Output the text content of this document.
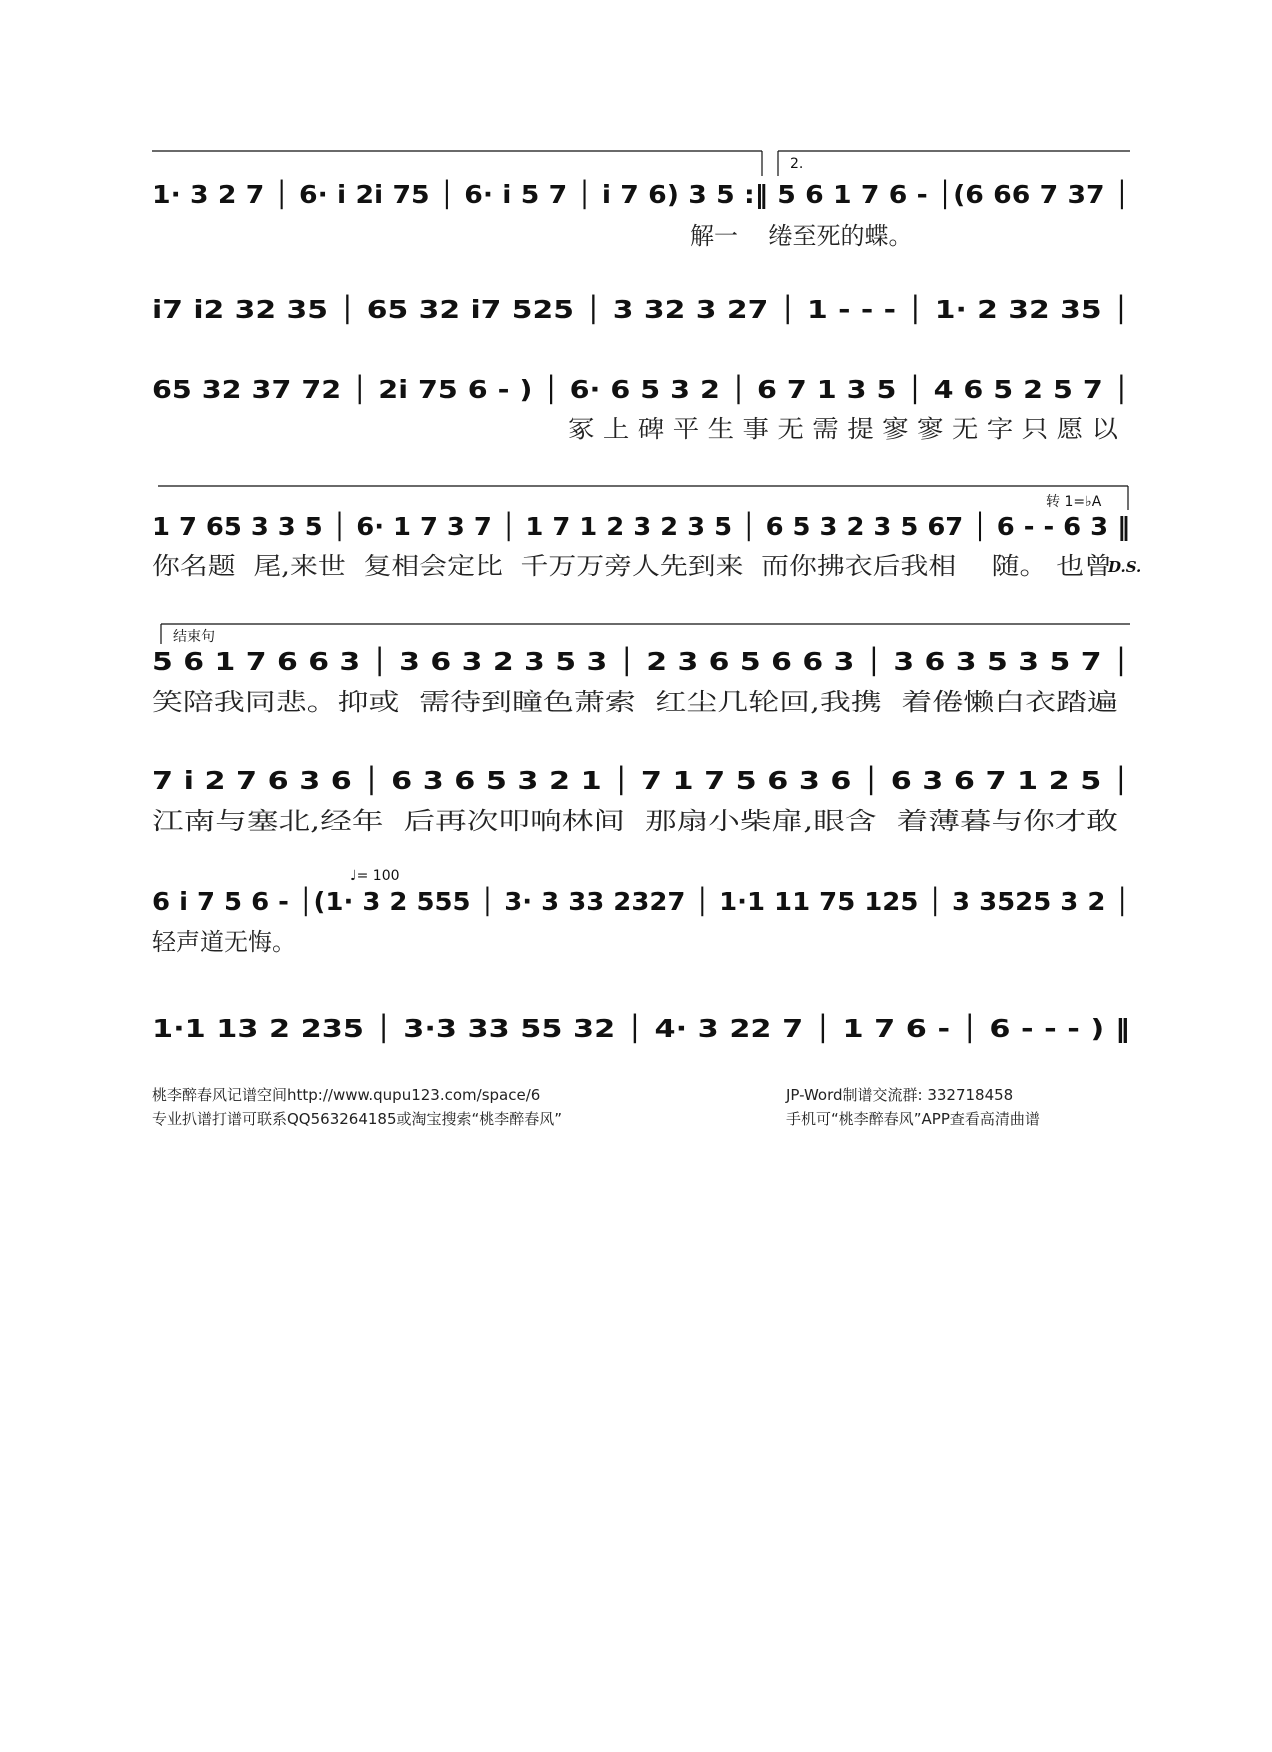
2.
1· 3 2 7 │ 6· i 2i 75 │ 6· i 5 7 │ i 7 6) 3 5 :‖ 5 6 1 7 6 - │(6 66 7 37 │
解一    绻至死的蝶。
i7 i2 32 35 │ 65 32 i7 525 │ 3 32 3 27 │ 1 - - - │ 1· 2 32 35 │
65 32 37 72 │ 2i 75 6 - ) │ 6· 6 5 3 2 │ 6 7 1 3 5 │ 4 6 5 2 5 7 │
冢 上 碑 平 生 事 无 需 提 寥 寥 无 字 只 愿 以
转 1=♭A
1 7 65 3 3 5 │ 6· 1 7 3 7 │ 1 7 1 2 3 2 3 5 │ 6 5 3 2 3 5 67 │ 6 - - 6 3 ‖
你名题  尾,来世  复相会定比  千万万旁人先到来  而你拂衣后我相    随。 也曾
D.S.
结束句
5 6 1 7 6 6 3 │ 3 6 3 2 3 5 3 │ 2 3 6 5 6 6 3 │ 3 6 3 5 3 5 7 │
笑陪我同悲。抑或  需待到瞳色萧索  红尘几轮回,我携  着倦懒白衣踏遍
7 i 2 7 6 3 6 │ 6 3 6 5 3 2 1 │ 7 1 7 5 6 3 6 │ 6 3 6 7 1 2 5 │
江南与塞北,经年  后再次叩响林间  那扇小柴扉,眼含  着薄暮与你才敢
♩= 100
6 i 7 5 6 - │(1· 3 2 555 │ 3· 3 33 2327 │ 1·1 11 75 125 │ 3 3525 3 2 │
轻声道无悔。
1·1 13 2 235 │ 3·3 33 55 32 │ 4· 3 22 7 │ 1 7 6 - │ 6 - - - ) ‖
桃李醉春风记谱空间http://www.qupu123.com/space/6
专业扒谱打谱可联系QQ563264185或淘宝搜索“桃李醉春风”
JP-Word制谱交流群: 332718458
手机可“桃李醉春风”APP查看高清曲谱
